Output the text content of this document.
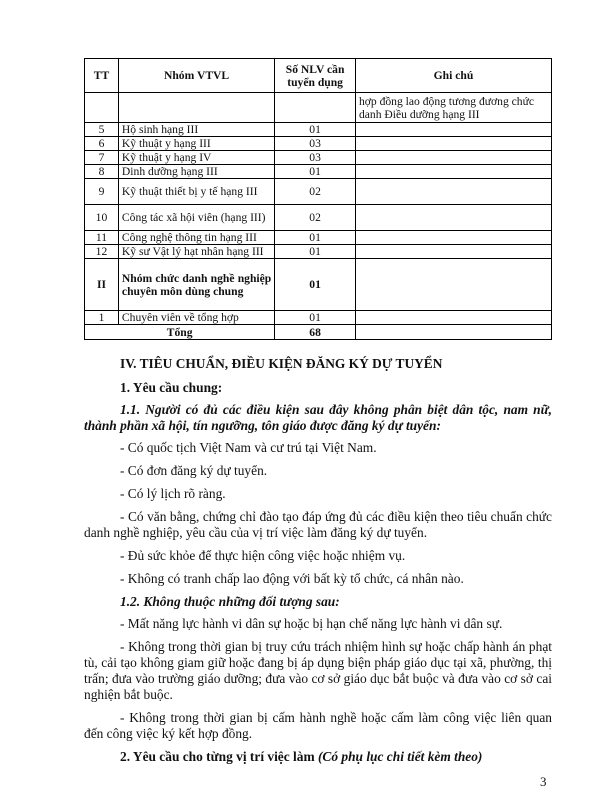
TT	Nhóm VTVL	Số NLV cần tuyển dụng	Ghi chú
			hợp đồng lao động tương đương chức danh Điều dưỡng hạng III
5	Hộ sinh hạng III	01	
6	Kỹ thuật y hạng III	03	
7	Kỹ thuật y hạng IV	03	
8	Dinh dưỡng hạng III	01	
9	Kỹ thuật thiết bị y tế hạng III	02	
10	Công tác xã hội viên (hạng III)	02	
11	Công nghệ thông tin hạng III	01	
12	Kỹ sư Vật lý hạt nhân hạng III	01	
II	Nhóm chức danh nghề nghiệp chuyên môn dùng chung	01	
1	Chuyên viên về tổng hợp	01	
Tổng		68	

IV. TIÊU CHUẨN, ĐIỀU KIỆN ĐĂNG KÝ DỰ TUYỂN

1. Yêu cầu chung:

1.1. Người có đủ các điều kiện sau đây không phân biệt dân tộc, nam nữ, thành phần xã hội, tín ngưỡng, tôn giáo được đăng ký dự tuyển:

- Có quốc tịch Việt Nam và cư trú tại Việt Nam.

- Có đơn đăng ký dự tuyển.

- Có lý lịch rõ ràng.

- Có văn bằng, chứng chỉ đào tạo đáp ứng đủ các điều kiện theo tiêu chuẩn chức danh nghề nghiệp, yêu cầu của vị trí việc làm đăng ký dự tuyển.

- Đủ sức khỏe để thực hiện công việc hoặc nhiệm vụ.

- Không có tranh chấp lao động với bất kỳ tổ chức, cá nhân nào.

1.2. Không thuộc những đối tượng sau:

- Mất năng lực hành vi dân sự hoặc bị hạn chế năng lực hành vi dân sự.

- Không trong thời gian bị truy cứu trách nhiệm hình sự hoặc chấp hành án phạt tù, cải tạo không giam giữ hoặc đang bị áp dụng biện pháp giáo dục tại xã, phường, thị trấn; đưa vào trường giáo dưỡng; đưa vào cơ sở giáo dục bắt buộc và đưa vào cơ sở cai nghiện bắt buộc.

- Không trong thời gian bị cấm hành nghề hoặc cấm làm công việc liên quan đến công việc ký kết hợp đồng.

2. Yêu cầu cho từng vị trí việc làm (Có phụ lục chi tiết kèm theo)

3
